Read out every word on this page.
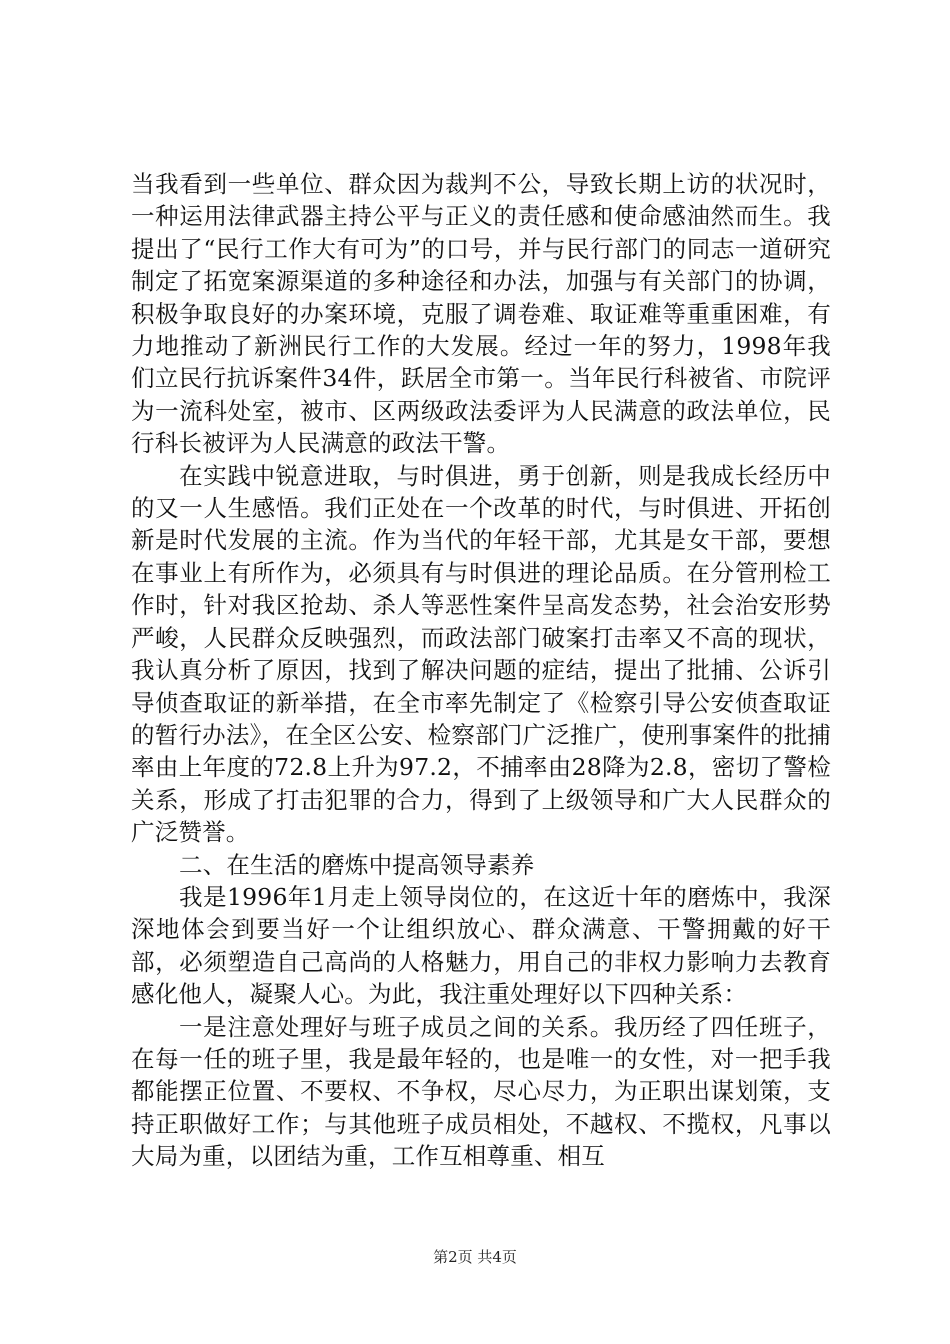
当我看到一些单位、群众因为裁判不公，导致长期上访的状况时，一种运用法律武器主持公平与正义的责任感和使命感油然而生。我提出了“民行工作大有可为”的口号，并与民行部门的同志一道研究制定了拓宽案源渠道的多种途径和办法，加强与有关部门的协调，积极争取良好的办案环境，克服了调卷难、取证难等重重困难，有力地推动了新洲民行工作的大发展。经过一年的努力，1998年我们立民行抗诉案件34件，跃居全市第一。当年民行科被省、市院评为一流科处室，被市、区两级政法委评为人民满意的政法单位，民行科长被评为人民满意的政法干警。

在实践中锐意进取，与时俱进，勇于创新，则是我成长经历中的又一人生感悟。我们正处在一个改革的时代，与时俱进、开拓创新是时代发展的主流。作为当代的年轻干部，尤其是女干部，要想在事业上有所作为，必须具有与时俱进的理论品质。在分管刑检工作时，针对我区抢劫、杀人等恶性案件呈高发态势，社会治安形势严峻，人民群众反映强烈，而政法部门破案打击率又不高的现状，我认真分析了原因，找到了解决问题的症结，提出了批捕、公诉引导侦查取证的新举措，在全市率先制定了《检察引导公安侦查取证的暂行办法》，在全区公安、检察部门广泛推广，使刑事案件的批捕率由上年度的72.8上升为97.2，不捕率由28降为2.8，密切了警检关系，形成了打击犯罪的合力，得到了上级领导和广大人民群众的广泛赞誉。

二、在生活的磨炼中提高领导素养

我是1996年1月走上领导岗位的，在这近十年的磨炼中，我深深地体会到要当好一个让组织放心、群众满意、干警拥戴的好干部，必须塑造自己高尚的人格魅力，用自己的非权力影响力去教育感化他人，凝聚人心。为此，我注重处理好以下四种关系：

一是注意处理好与班子成员之间的关系。我历经了四任班子，在每一任的班子里，我是最年轻的，也是唯一的女性，对一把手我都能摆正位置、不要权、不争权，尽心尽力，为正职出谋划策，支持正职做好工作；与其他班子成员相处，不越权、不揽权，凡事以大局为重，以团结为重，工作互相尊重、相互

第2页 共4页
